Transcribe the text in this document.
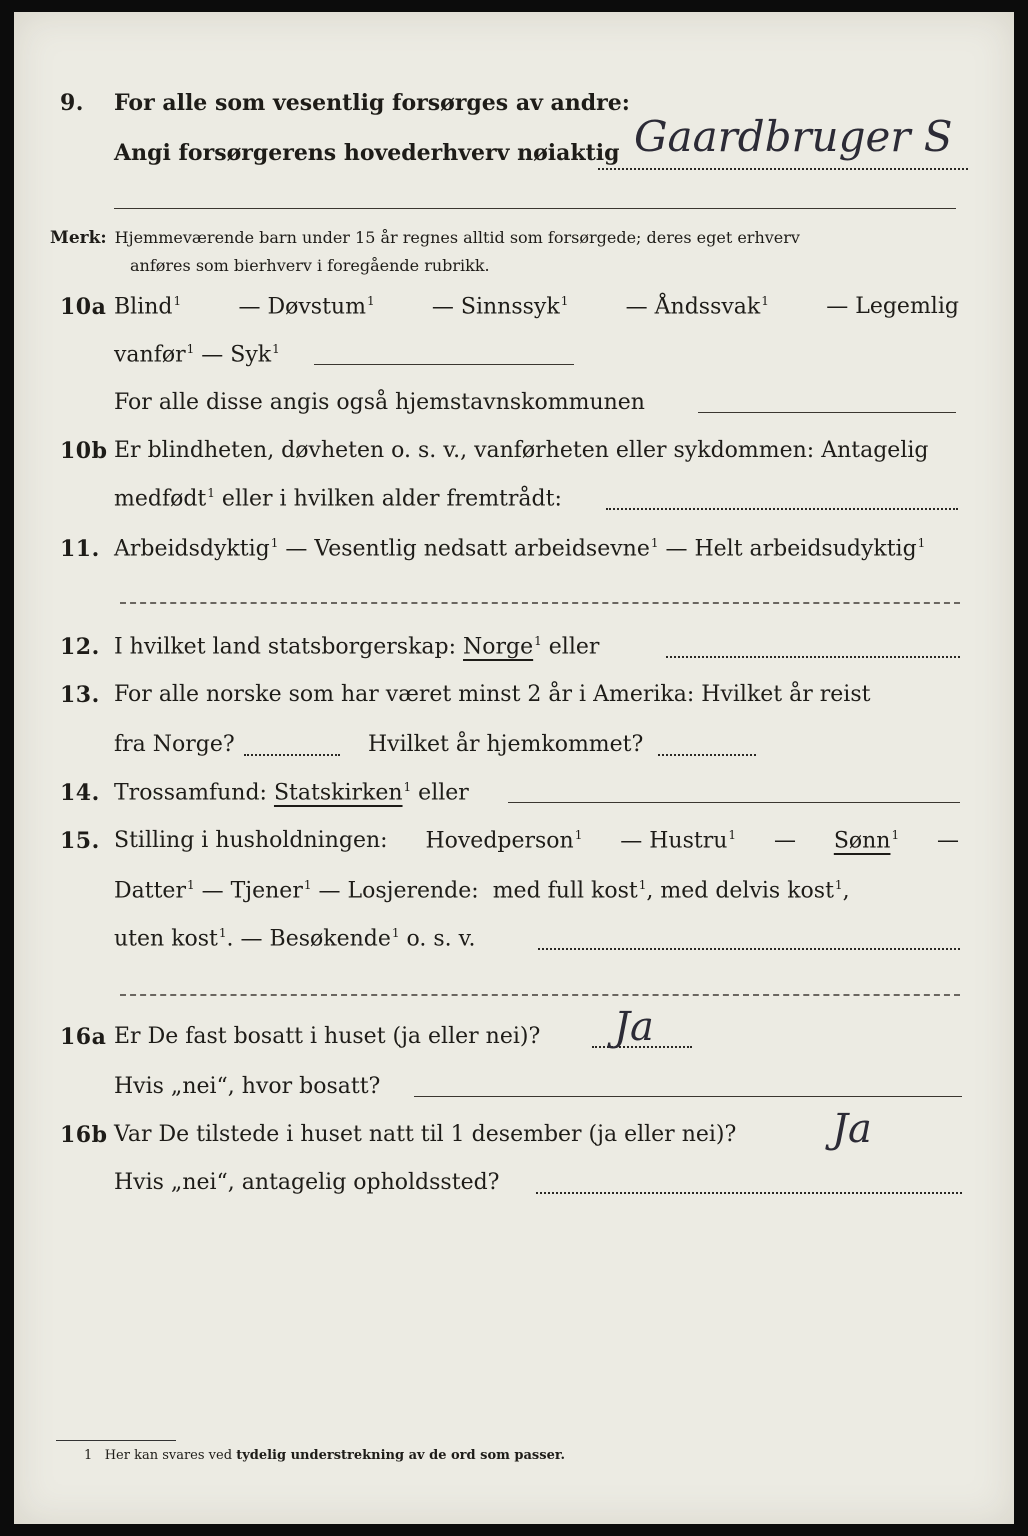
9. For alle som vesentlig forsørges av andre:
Angi forsørgerens hovederhverv nøiaktig Gaardbruger S
Merk: Hjemmeværende barn under 15 år regnes alltid som forsørgede; deres eget erhverv
anføres som bierhverv i foregående rubrikk.
10a Blind$^1$	— Døvstum$^1$	— Sinnssyk$^1$	— Åndssvak$^1$	— Legemlig
vanfør$^1$ — Syk$^1$
For alle disse angis også hjemstavnskommunen
10b Er blindheten, døvheten o. s. v., vanførheten eller sykdommen: Antagelig
medfødt$^1$ eller i hvilken alder fremtrådt:
11. Arbeidsdyktig$^1$ — Vesentlig nedsatt arbeidsevne$^1$ — Helt arbeidsudyktig$^1$
12. I hvilket land statsborgerskap: Norge$^1$ eller
13. For alle norske som har været minst 2 år i Amerika: Hvilket år reist
fra Norge?	Hvilket år hjemkommet?
14. Trossamfund: Statskirken$^1$ eller
15. Stilling i husholdningen: Hovedperson$^1$ — Hustru$^1$ — Sønn$^1$ —
Datter$^1$ — Tjener$^1$ — Losjerende: med full kost$^1$, med delvis kost$^1$,
uten kost$^1$. — Besøkende$^1$ o. s. v.
16a Er De fast bosatt i huset (ja eller nei)? Ja
Hvis „nei“, hvor bosatt?
16b Var De tilstede i huset natt til 1 desember (ja eller nei)? Ja
Hvis „nei“, antagelig opholdssted?
1 Her kan svares ved tydelig understrekning av de ord som passer.
